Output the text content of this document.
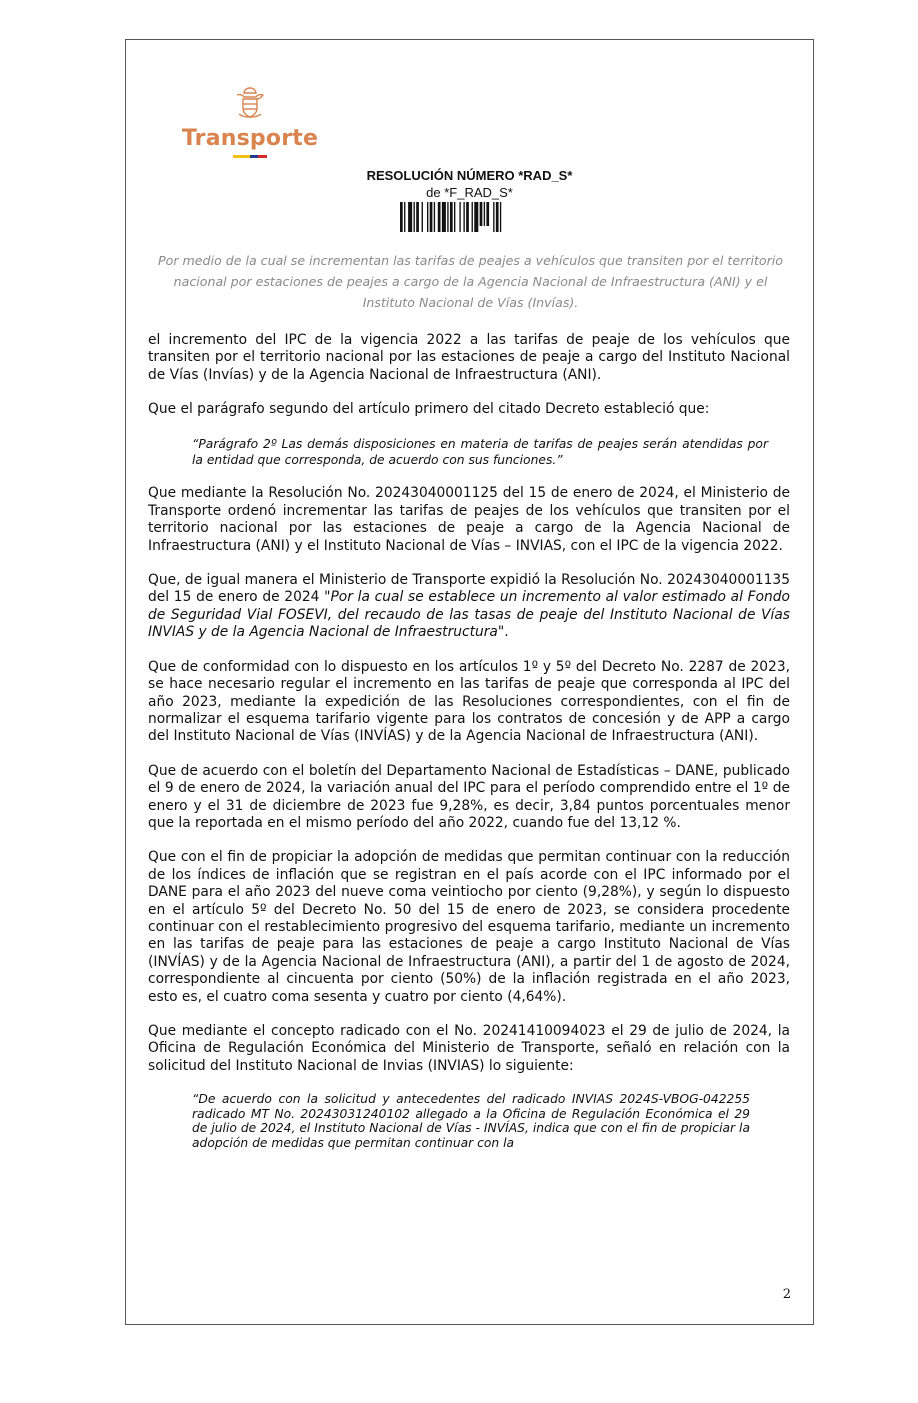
Transporte
RESOLUCIÓN NÚMERO *RAD_S*
de *F_RAD_S*
Por medio de la cual se incrementan las tarifas de peajes a vehículos que transiten por el territorio nacional por estaciones de peajes a cargo de la Agencia Nacional de Infraestructura (ANI) y el Instituto Nacional de Vías (Invías).

el incremento del IPC de la vigencia 2022 a las tarifas de peaje de los vehículos que transiten por el territorio nacional por las estaciones de peaje a cargo del Instituto Nacional de Vías (Invías) y de la Agencia Nacional de Infraestructura (ANI).

Que el parágrafo segundo del artículo primero del citado Decreto estableció que:

“Parágrafo 2º Las demás disposiciones en materia de tarifas de peajes serán atendidas por la entidad que corresponda, de acuerdo con sus funciones.”

Que mediante la Resolución No. 20243040001125 del 15 de enero de 2024, el Ministerio de Transporte ordenó incrementar las tarifas de peajes de los vehículos que transiten por el territorio nacional por las estaciones de peaje a cargo de la Agencia Nacional de Infraestructura (ANI) y el Instituto Nacional de Vías – INVIAS, con el IPC de la vigencia 2022.

Que, de igual manera el Ministerio de Transporte expidió la Resolución No. 20243040001135 del 15 de enero de 2024 "Por la cual se establece un incremento al valor estimado al Fondo de Seguridad Vial FOSEVI, del recaudo de las tasas de peaje del Instituto Nacional de Vías INVIAS y de la Agencia Nacional de Infraestructura".

Que de conformidad con lo dispuesto en los artículos 1º y 5º del Decreto No. 2287 de 2023, se hace necesario regular el incremento en las tarifas de peaje que corresponda al IPC del año 2023, mediante la expedición de las Resoluciones correspondientes, con el fin de normalizar el esquema tarifario vigente para los contratos de concesión y de APP a cargo del Instituto Nacional de Vías (INVÍAS) y de la Agencia Nacional de Infraestructura (ANI).

Que de acuerdo con el boletín del Departamento Nacional de Estadísticas – DANE, publicado el 9 de enero de 2024, la variación anual del IPC para el período comprendido entre el 1º de enero y el 31 de diciembre de 2023 fue 9,28%, es decir, 3,84 puntos porcentuales menor que la reportada en el mismo período del año 2022, cuando fue del 13,12 %.

Que con el fin de propiciar la adopción de medidas que permitan continuar con la reducción de los índices de inflación que se registran en el país acorde con el IPC informado por el DANE para el año 2023 del nueve coma veintiocho por ciento (9,28%), y según lo dispuesto en el artículo 5º del Decreto No. 50 del 15 de enero de 2023, se considera procedente continuar con el restablecimiento progresivo del esquema tarifario, mediante un incremento en las tarifas de peaje para las estaciones de peaje a cargo Instituto Nacional de Vías (INVÍAS) y de la Agencia Nacional de Infraestructura (ANI), a partir del 1 de agosto de 2024, correspondiente al cincuenta por ciento (50%) de la inflación registrada en el año 2023, esto es, el cuatro coma sesenta y cuatro por ciento (4,64%).

Que mediante el concepto radicado con el No. 20241410094023 el 29 de julio de 2024, la Oficina de Regulación Económica del Ministerio de Transporte, señaló en relación con la solicitud del Instituto Nacional de Invias (INVIAS) lo siguiente:

“De acuerdo con la solicitud y antecedentes del radicado INVIAS 2024S-VBOG-042255 radicado MT No. 20243031240102 allegado a la Oficina de Regulación Económica el 29 de julio de 2024, el Instituto Nacional de Vías - INVÍAS, indica que con el fin de propiciar la adopción de medidas que permitan continuar con la

2
